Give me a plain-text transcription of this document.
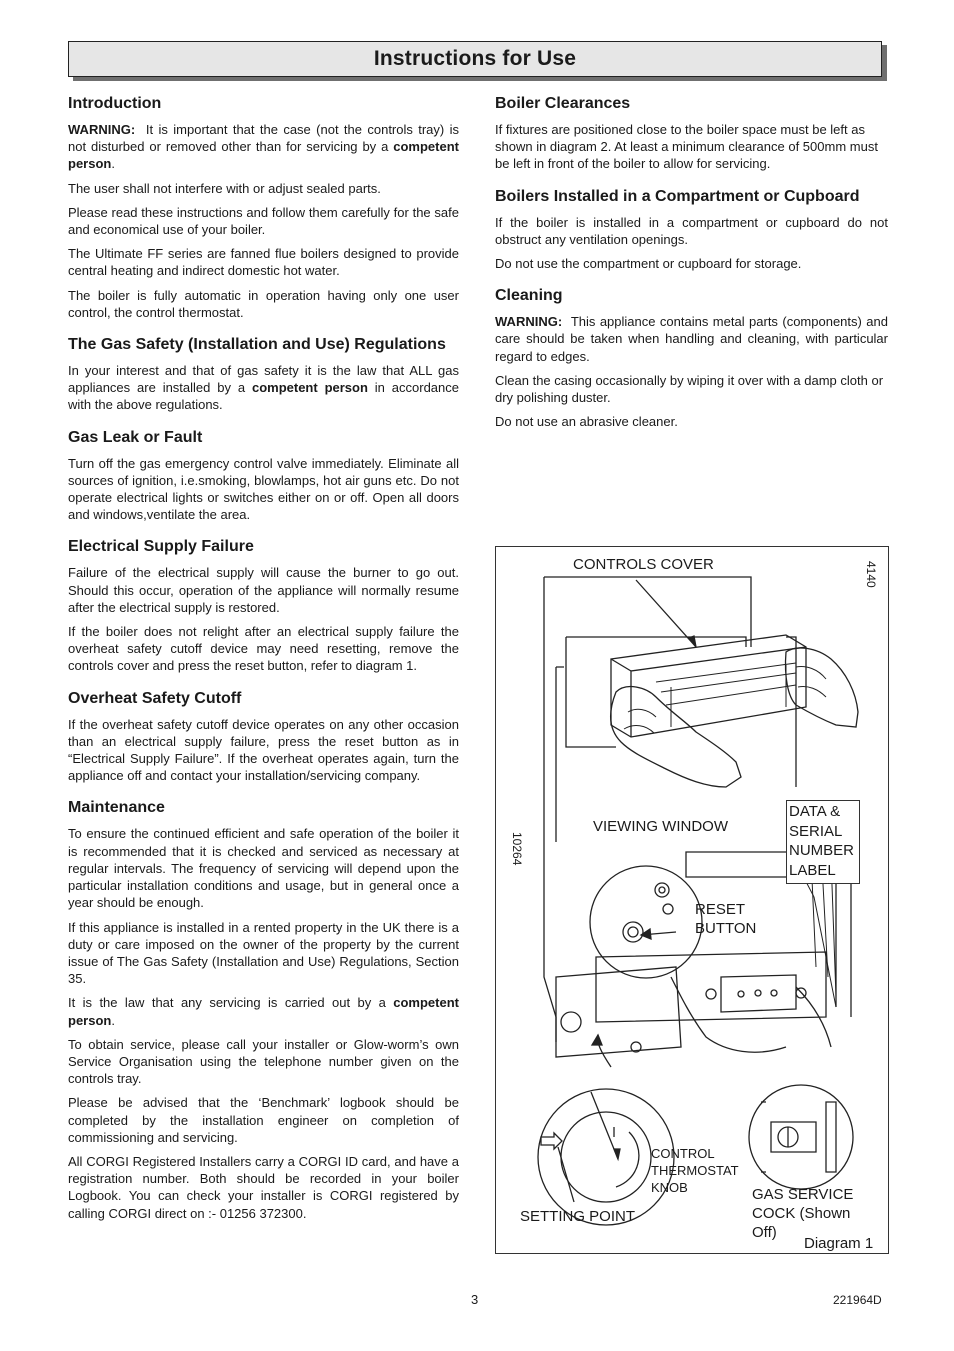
Instructions for Use
Introduction

WARNING: It is important that the case (not the controls tray) is not disturbed or removed other than for servicing by a competent person.

The user shall not interfere with or adjust sealed parts.

Please read these instructions and follow them carefully for the safe and economical use of your boiler.

The Ultimate FF series are fanned flue boilers designed to provide central heating and indirect domestic hot water.

The boiler is fully automatic in operation having only one user control, the control thermostat.

The Gas Safety (Installation and Use) Regulations

In your interest and that of gas safety it is the law that ALL gas appliances are installed by a competent person in accordance with the above regulations.

Gas Leak or Fault

Turn off the gas emergency control valve immediately. Eliminate all sources of ignition, i.e.smoking, blowlamps, hot air guns etc. Do not operate electrical lights or switches either on or off. Open all doors and windows,ventilate the area.

Electrical Supply Failure

Failure of the electrical supply will cause the burner to go out. Should this occur, operation of the appliance will normally resume after the electrical supply is restored.

If the boiler does not relight after an electrical supply failure the overheat safety cutoff device may need resetting, remove the controls cover and press the reset button, refer to diagram 1.

Overheat Safety Cutoff

If the overheat safety cutoff device operates on any other occasion than an electrical supply failure, press the reset button as in “Electrical Supply Failure”. If the overheat operates again, turn the appliance off and contact your installation/servicing company.

Maintenance

To ensure the continued efficient and safe operation of the boiler it is recommended that it is checked and serviced as necessary at regular intervals. The frequency of servicing will depend upon the particular installation conditions and usage, but in general once a year should be enough.

If this appliance is installed in a rented property in the UK there is a duty or care imposed on the owner of the property by the current issue of The Gas Safety (Installation and Use) Regulations, Section 35.

It is the law that any servicing is carried out by a competent person.

To obtain service, please call your installer or Glow-worm’s own Service Organisation using the telephone number given on the controls tray.

Please be advised that the ‘Benchmark’ logbook should be completed by the installation engineer on completion of commissioning and servicing.

All CORGI Registered Installers carry a CORGI ID card, and have a registration number. Both should be recorded in your boiler Logbook. You can check your installer is CORGI registered by calling CORGI direct on :- 01256 372300.

Boiler Clearances

If fixtures are positioned close to the boiler space must be left as shown in diagram 2. At least a minimum clearance of 500mm must be left in front of the boiler to allow for servicing.

Boilers Installed in a Compartment or Cupboard

If the boiler is installed in a compartment or cupboard do not obstruct any ventilation openings.

Do not use the compartment or cupboard for storage.

Cleaning

WARNING: This appliance contains metal parts (components) and care should be taken when handling and cleaning, with particular regard to edges.

Clean the casing occasionally by wiping it over with a damp cloth or dry polishing duster.

Do not use an abrasive cleaner.

CONTROLS COVER	4140
10264
VIEWING WINDOW
DATA &
SERIAL
NUMBER
LABEL
RESET
BUTTON
CONTROL
THERMOSTAT
KNOB	GAS SERVICE
COCK (Shown
Off)
SETTING POINT
Diagram 1
3	221964D
